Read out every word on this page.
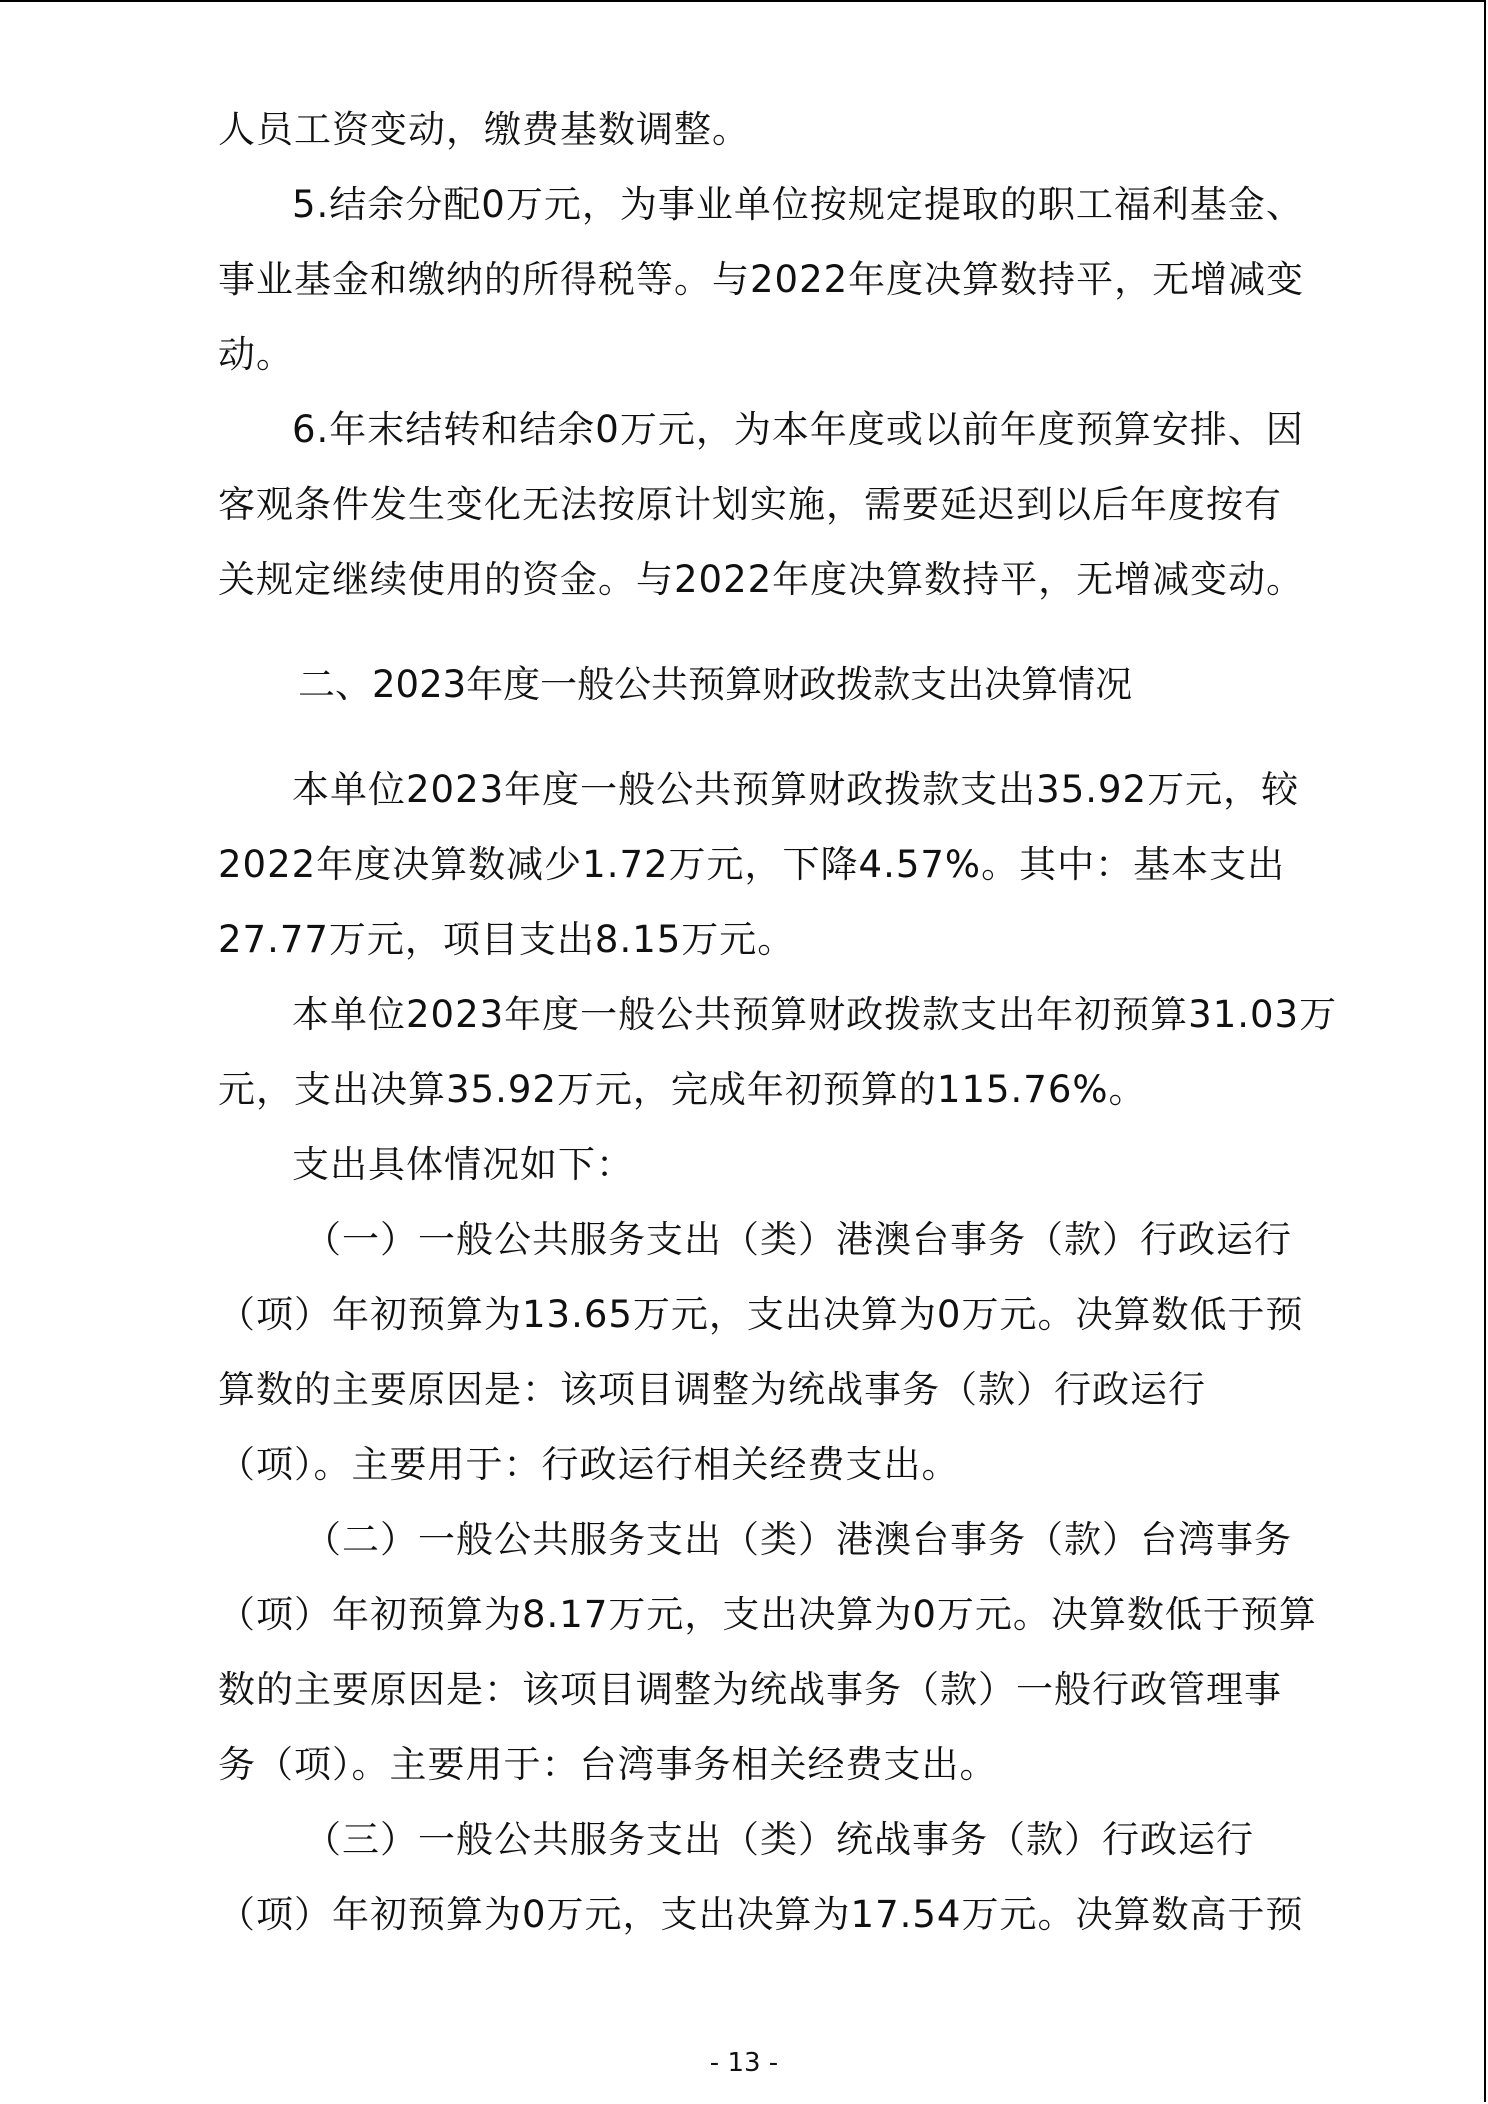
人员工资变动，缴费基数调整。
5.结余分配0万元，为事业单位按规定提取的职工福利基金、
事业基金和缴纳的所得税等。与2022年度决算数持平，无增减变
动。
6.年末结转和结余0万元，为本年度或以前年度预算安排、因
客观条件发生变化无法按原计划实施，需要延迟到以后年度按有
关规定继续使用的资金。与2022年度决算数持平，无增减变动。
二、2023年度一般公共预算财政拨款支出决算情况
本单位2023年度一般公共预算财政拨款支出35.92万元，较
2022年度决算数减少1.72万元，下降4.57%。其中：基本支出
27.77万元，项目支出8.15万元。
本单位2023年度一般公共预算财政拨款支出年初预算31.03万
元，支出决算35.92万元，完成年初预算的115.76%。
支出具体情况如下：
（一）一般公共服务支出（类）港澳台事务（款）行政运行
（项）年初预算为13.65万元，支出决算为0万元。决算数低于预
算数的主要原因是：该项目调整为统战事务（款）行政运行
（项）。主要用于：行政运行相关经费支出。
（二）一般公共服务支出（类）港澳台事务（款）台湾事务
（项）年初预算为8.17万元，支出决算为0万元。决算数低于预算
数的主要原因是：该项目调整为统战事务（款）一般行政管理事
务（项）。主要用于：台湾事务相关经费支出。
（三）一般公共服务支出（类）统战事务（款）行政运行
（项）年初预算为0万元，支出决算为17.54万元。决算数高于预
- 13 -
